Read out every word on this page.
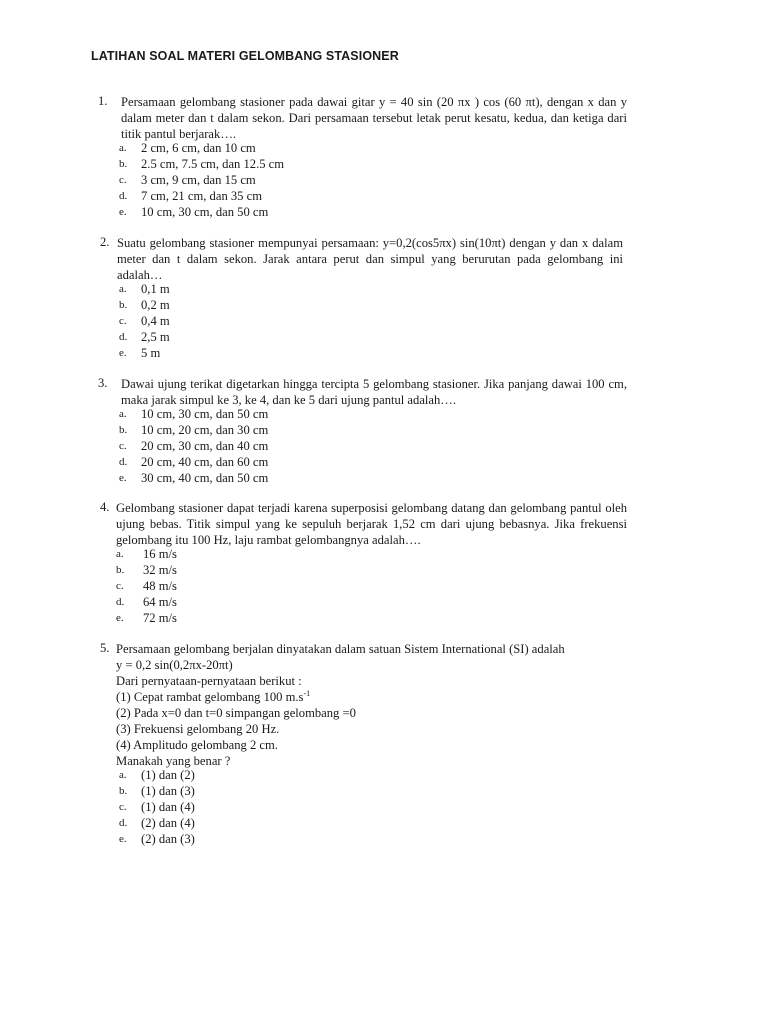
LATIHAN SOAL MATERI GELOMBANG STASIONER
1. Persamaan gelombang stasioner pada dawai gitar y = 40 sin (20 πx ) cos (60 πt), dengan x dan y dalam meter dan t dalam sekon. Dari persamaan tersebut letak perut kesatu, kedua, dan ketiga dari titik pantul berjarak….
a. 2 cm, 6 cm, dan 10 cm
b. 2.5 cm, 7.5 cm, dan 12.5 cm
c. 3 cm, 9 cm, dan 15 cm
d. 7 cm, 21 cm, dan 35 cm
e. 10 cm, 30 cm, dan 50 cm
2. Suatu gelombang stasioner mempunyai persamaan: y=0,2(cos5πx) sin(10πt) dengan y dan x dalam meter dan t dalam sekon. Jarak antara perut dan simpul yang berurutan pada gelombang ini adalah…
a. 0,1 m
b. 0,2 m
c. 0,4 m
d. 2,5 m
e. 5 m
3. Dawai ujung terikat digetarkan hingga tercipta 5 gelombang stasioner. Jika panjang dawai 100 cm, maka jarak simpul ke 3, ke 4, dan ke 5 dari ujung pantul adalah….
a. 10 cm, 30 cm, dan 50 cm
b. 10 cm, 20 cm, dan 30 cm
c. 20 cm, 30 cm, dan 40 cm
d. 20 cm, 40 cm, dan 60 cm
e. 30 cm, 40 cm, dan 50 cm
4. Gelombang stasioner dapat terjadi karena superposisi gelombang datang dan gelombang pantul oleh ujung bebas. Titik simpul yang ke sepuluh berjarak 1,52 cm dari ujung bebasnya. Jika frekuensi gelombang itu 100 Hz, laju rambat gelombangnya adalah….
a. 16 m/s
b. 32 m/s
c. 48 m/s
d. 64 m/s
e. 72 m/s
5. Persamaan gelombang berjalan dinyatakan dalam satuan Sistem International (SI) adalah
y = 0,2 sin(0,2πx-20πt)
Dari pernyataan-pernyataan berikut :
(1) Cepat rambat gelombang 100 $m.s^{-1}$
(2) Pada x=0 dan t=0 simpangan gelombang =0
(3) Frekuensi gelombang 20 Hz.
(4) Amplitudo gelombang 2 cm.
Manakah yang benar ?
a. (1) dan (2)
b. (1) dan (3)
c. (1) dan (4)
d. (2) dan (4)
e. (2) dan (3)
